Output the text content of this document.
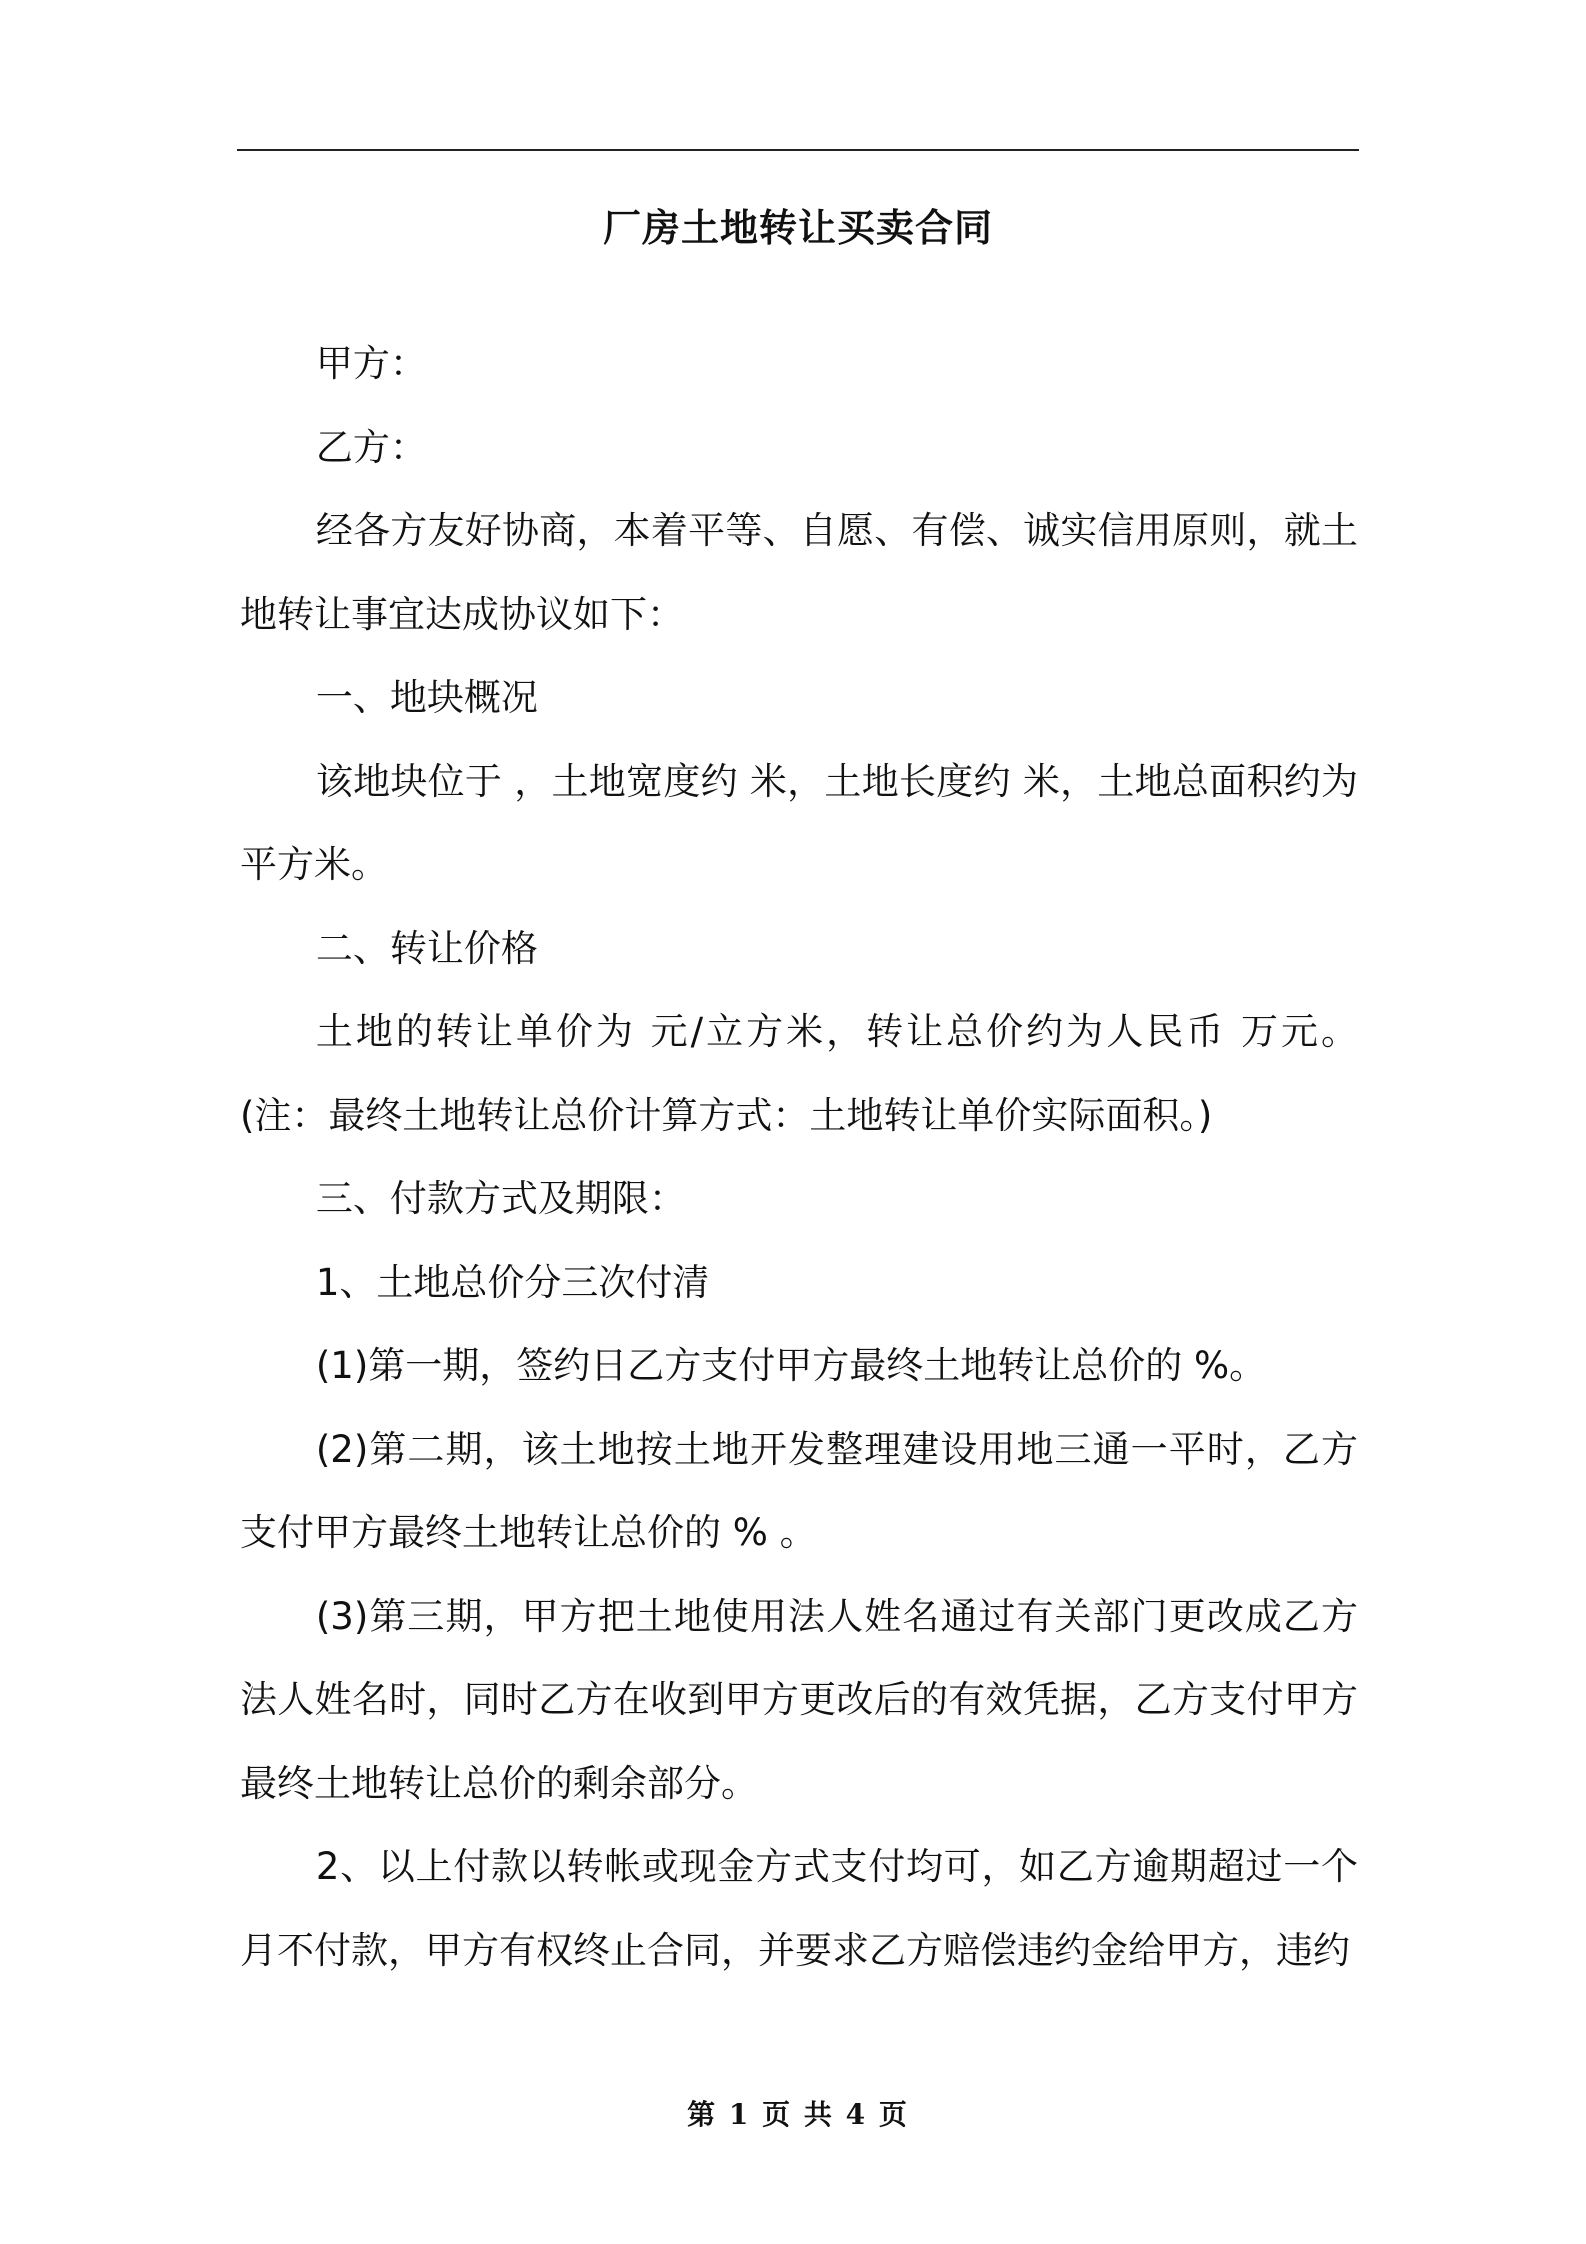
厂房土地转让买卖合同

甲方：

乙方：

经各方友好协商，本着平等、自愿、有偿、诚实信用原则，就土地转让事宜达成协议如下：

一、地块概况

该地块位于 ，土地宽度约 米，土地长度约 米，土地总面积约为 平方米。

二、转让价格

土地的转让单价为 元/立方米，转让总价约为人民币 万元。(注：最终土地转让总价计算方式：土地转让单价实际面积。)

三、付款方式及期限：

1、土地总价分三次付清

(1)第一期，签约日乙方支付甲方最终土地转让总价的 %。

(2)第二期，该土地按土地开发整理建设用地三通一平时，乙方支付甲方最终土地转让总价的 % 。

(3)第三期，甲方把土地使用法人姓名通过有关部门更改成乙方法人姓名时，同时乙方在收到甲方更改后的有效凭据，乙方支付甲方最终土地转让总价的剩余部分。

2、以上付款以转帐或现金方式支付均可，如乙方逾期超过一个月不付款，甲方有权终止合同，并要求乙方赔偿违约金给甲方，违约

第 1 页 共 4 页
